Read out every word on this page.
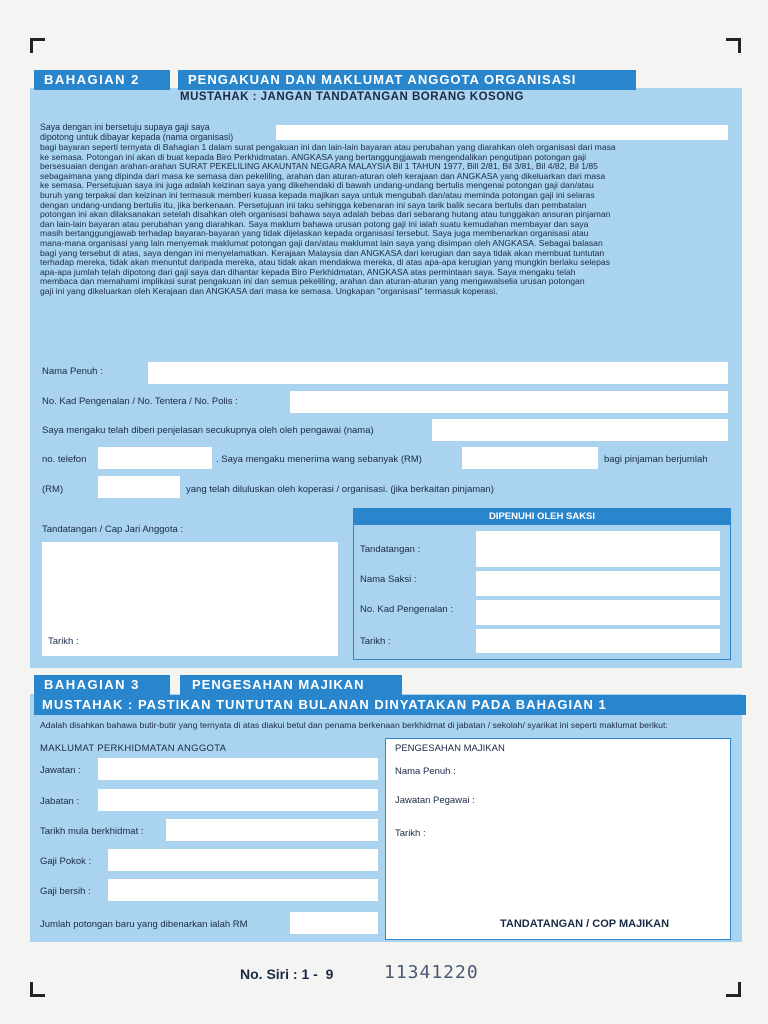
BAHAGIAN 2	PENGAKUAN DAN MAKLUMAT ANGGOTA ORGANISASI
MUSTAHAK : JANGAN TANDATANGAN BORANG KOSONG
Saya dengan ini bersetuju supaya gaji saya
dipotong untuk dibayar kepada (nama organisasi)
bagi bayaran seperti ternyata di Bahagian 1 dalam surat pengakuan ini dan lain-lain bayaran atau perubahan yang diarahkan oleh organisasi dari masa
ke semasa. Potongan ini akan di buat kepada Biro Perkhidmatan. ANGKASA yang bertanggungjawab mengendalikan pengutipan potongan gaji
bersesuaian dengan arahan-arahan SURAT PEKELILING AKAUNTAN NEGARA MALAYSIA Bil 1 TAHUN 1977, Bill 2/81, Bil 3/81, Bil 4/82, Bil 1/85
sebagaimana yang dipinda dari masa ke semasa dan pekeliling, arahan dan aturan-aturan oleh kerajaan dan ANGKASA yang dikeluarkan dari masa
ke semasa. Persetujuan saya ini juga adalah keizinan saya yang dikehendaki di bawah undang-undang bertulis mengenai potongan gaji dan/atau
buruh yang terpakai dan keizinan ini termasuk memberi kuasa kepada majikan saya untuk mengubah dan/atau meminda potongan gaji ini selaras
dengan undang-undang bertulis itu, jika berkenaan. Persetujuan ini taku sehingga kebenaran ini saya tarik balik secara bertulis dan pembatalan
potongan ini akan dilaksanakan setelah disahkan oleh organisasi bahawa saya adalah bebas dari sebarang hutang atau tunggakan ansuran pinjaman
dan lain-lain bayaran atau perubahan yang diarahkan. Saya maklum bahawa urusan potong gaji ini ialah suatu kemudahan membayar dan saya
masih bertanggungjawab terhadap bayaran-bayaran yang tidak dijelaskan kepada organisasi tersebut. Saya juga membenarkan organisasi atau
mana-mana organisasi yang lain menyemak maklumat potongan gaji dan/atau maklumat lain saya yang disimpan oleh ANGKASA. Sebagai balasan
bagi yang tersebut di atas, saya dengan ini menyelamatkan. Kerajaan Malaysia dan ANGKASA dari kerugian dan saya tidak akan membuat tuntutan
terhadap mereka, tidak akan menuntut daripada mereka, atau tidak akan mendakwa mereka, di atas apa-apa kerugian yang mungkin berlaku selepas
apa-apa jumlah telah dipotong dari gaji saya dan dihantar kepada Biro Perkhidmatan, ANGKASA atas permintaan saya. Saya mengaku telah
membaca dan memahami implikasi surat pengakuan ini dan semua pekeliling, arahan dan aturan-aturan yang mengawalselia urusan potongan
gaji ini yang dikeluarkan oleh Kerajaan dan ANGKASA dari masa ke semasa. Ungkapan "organisasi" termasuk koperasi.
Nama Penuh :
No. Kad Pengenalan / No. Tentera / No. Polis :
Saya mengaku telah diberi penjelasan secukupnya oleh oleh pengawai (nama)
no. telefon	. Saya mengaku menerima wang sebanyak (RM)	bagi pinjaman berjumlah
(RM)	yang telah diluluskan oleh koperasi / organisasi. (jika berkaitan pinjaman)
Tandatangan / Cap Jari Anggota :
Tarikh :
DIPENUHI OLEH SAKSI
Tandatangan :
Nama Saksi :
No. Kad Pengenalan :
Tarikh :
BAHAGIAN 3	PENGESAHAN MAJIKAN
MUSTAHAK : PASTIKAN TUNTUTAN BULANAN DINYATAKAN PADA BAHAGIAN 1
Adalah disahkan bahawa butir-butir yang ternyata di atas diakui betul dan penama berkenaan berkhidmat di jabatan / sekolah/ syarikat ini seperti maklumat berikut:
MAKLUMAT PERKHIDMATAN ANGGOTA
Jawatan :
Jabatan :
Tarikh mula berkhidmat :
Gaji Pokok :
Gaji bersih :
Jumlah potongan baru yang dibenarkan ialah RM
PENGESAHAN MAJIKAN
Nama Penuh :
Jawatan Pegawai :
Tarikh :
TANDATANGAN / COP MAJIKAN
No. Siri : 1 -  9	11341220
